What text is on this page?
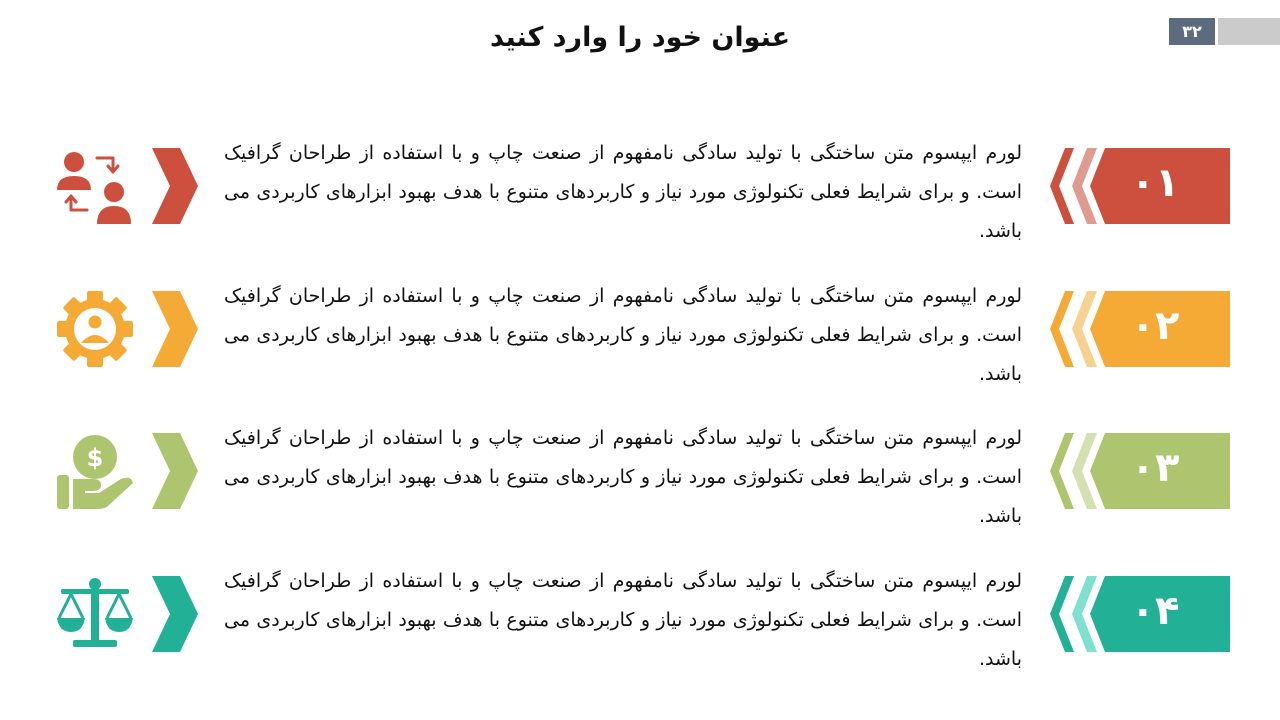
عنوان خود را وارد کنید	۳۲
لورم ایپسوم متن ساختگی با تولید سادگی نامفهوم از صنعت چاپ و با استفاده از طراحان گرافیک است. و برای شرایط فعلی تکنولوژی مورد نیاز و کاربردهای متنوع با هدف بهبود ابزارهای کاربردی می باشد.
۰۱
لورم ایپسوم متن ساختگی با تولید سادگی نامفهوم از صنعت چاپ و با استفاده از طراحان گرافیک است. و برای شرایط فعلی تکنولوژی مورد نیاز و کاربردهای متنوع با هدف بهبود ابزارهای کاربردی می باشد.
۰۲
$
لورم ایپسوم متن ساختگی با تولید سادگی نامفهوم از صنعت چاپ و با استفاده از طراحان گرافیک است. و برای شرایط فعلی تکنولوژی مورد نیاز و کاربردهای متنوع با هدف بهبود ابزارهای کاربردی می باشد.
۰۳
لورم ایپسوم متن ساختگی با تولید سادگی نامفهوم از صنعت چاپ و با استفاده از طراحان گرافیک است. و برای شرایط فعلی تکنولوژی مورد نیاز و کاربردهای متنوع با هدف بهبود ابزارهای کاربردی می باشد.
۰۴
